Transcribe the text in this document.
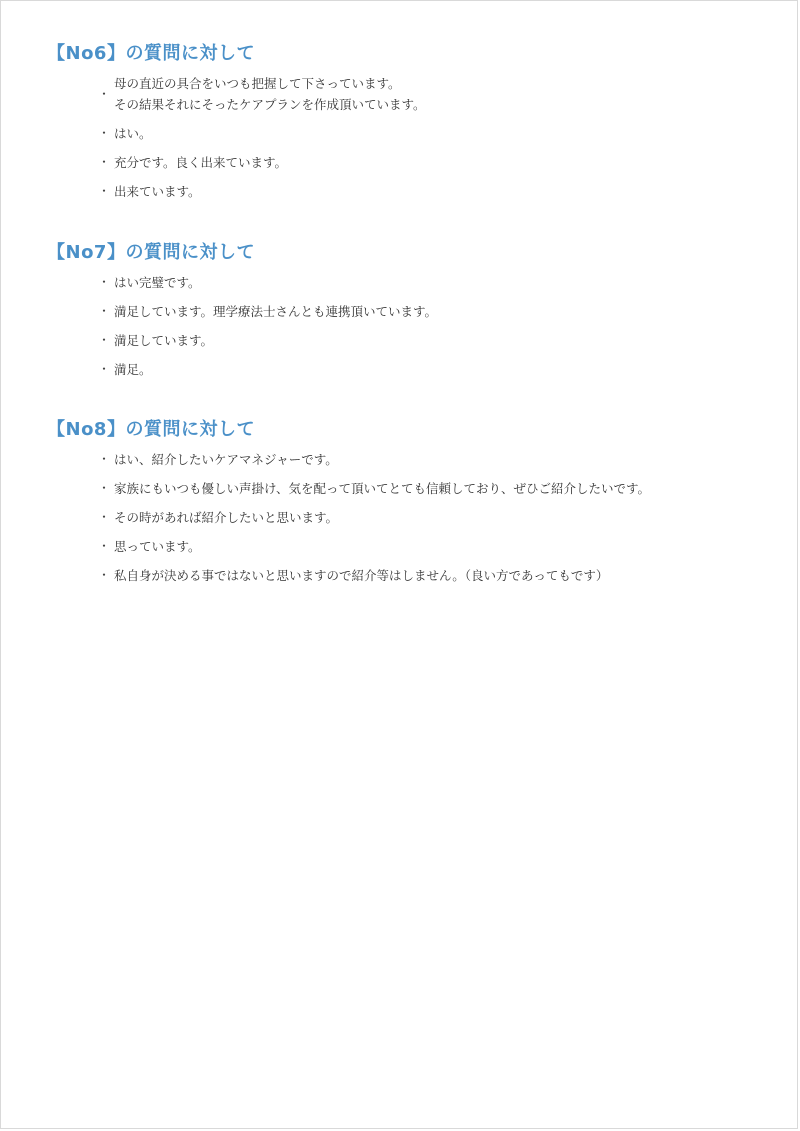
【No6】の質問に対して
・
母の直近の具合をいつも把握して下さっています。
その結果それにそったケアプランを作成頂いています。
・ はい。
・ 充分です。良く出来ています。
・ 出来ています。
【No7】の質問に対して
・ はい完璧です。
・ 満足しています。理学療法士さんとも連携頂いています。
・ 満足しています。
・ 満足。
【No8】の質問に対して
・ はい、紹介したいケアマネジャーです。
・ 家族にもいつも優しい声掛け、気を配って頂いてとても信頼しており、ぜひご紹介したいです。
・ その時があれば紹介したいと思います。
・ 思っています。
・ 私自身が決める事ではないと思いますので紹介等はしません。（良い方であってもです）
